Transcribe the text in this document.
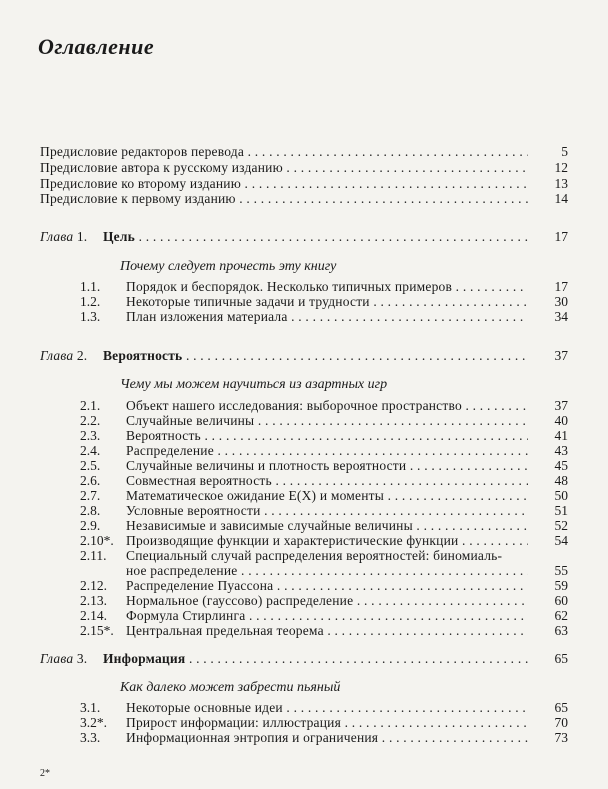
Оглавление
Предисловие редакторов перевода . . .	5
Предисловие автора к русскому изданию . . .	12
Предисловие ко второму изданию . . .	13
Предисловие к первому изданию . . .	14
Глава 1. Цель . . .	17
Почему следует прочесть эту книгу
1.1.	Порядок и беспорядок. Несколько типичных примеров . . .	17
1.2.	Некоторые типичные задачи и трудности . . .	30
1.3.	План изложения материала . . .	34
Глава 2. Вероятность . . .	37
Чему мы можем научиться из азартных игр
2.1.	Объект нашего исследования: выборочное пространство . . .	37
2.2.	Случайные величины . . .	40
2.3.	Вероятность . . .	41
2.4.	Распределение . . .	43
2.5.	Случайные величины и плотность вероятности . . .	45
2.6.	Совместная вероятность . . .	48
2.7.	Математическое ожидание E(X) и моменты . . .	50
2.8.	Условные вероятности . . .	51
2.9.	Независимые и зависимые случайные величины . . .	52
2.10*. Производящие функции и характеристические функции . . .	54
2.11.	Специальный случай распределения вероятностей: биномиаль-
ное распределение . . .	55
2.12.	Распределение Пуассона . . .	59
2.13.	Нормальное (гауссово) распределение . . .	60
2.14.	Формула Стирлинга . . .	62
2.15*. Центральная предельная теорема . . .	63
Глава 3. Информация . . .	65
Как далеко может забрести пьяный
3.1.	Некоторые основные идеи . . .	65
3.2*.	Прирост информации: иллюстрация . . .	70
3.3.	Информационная энтропия и ограничения . . .	73
2*
